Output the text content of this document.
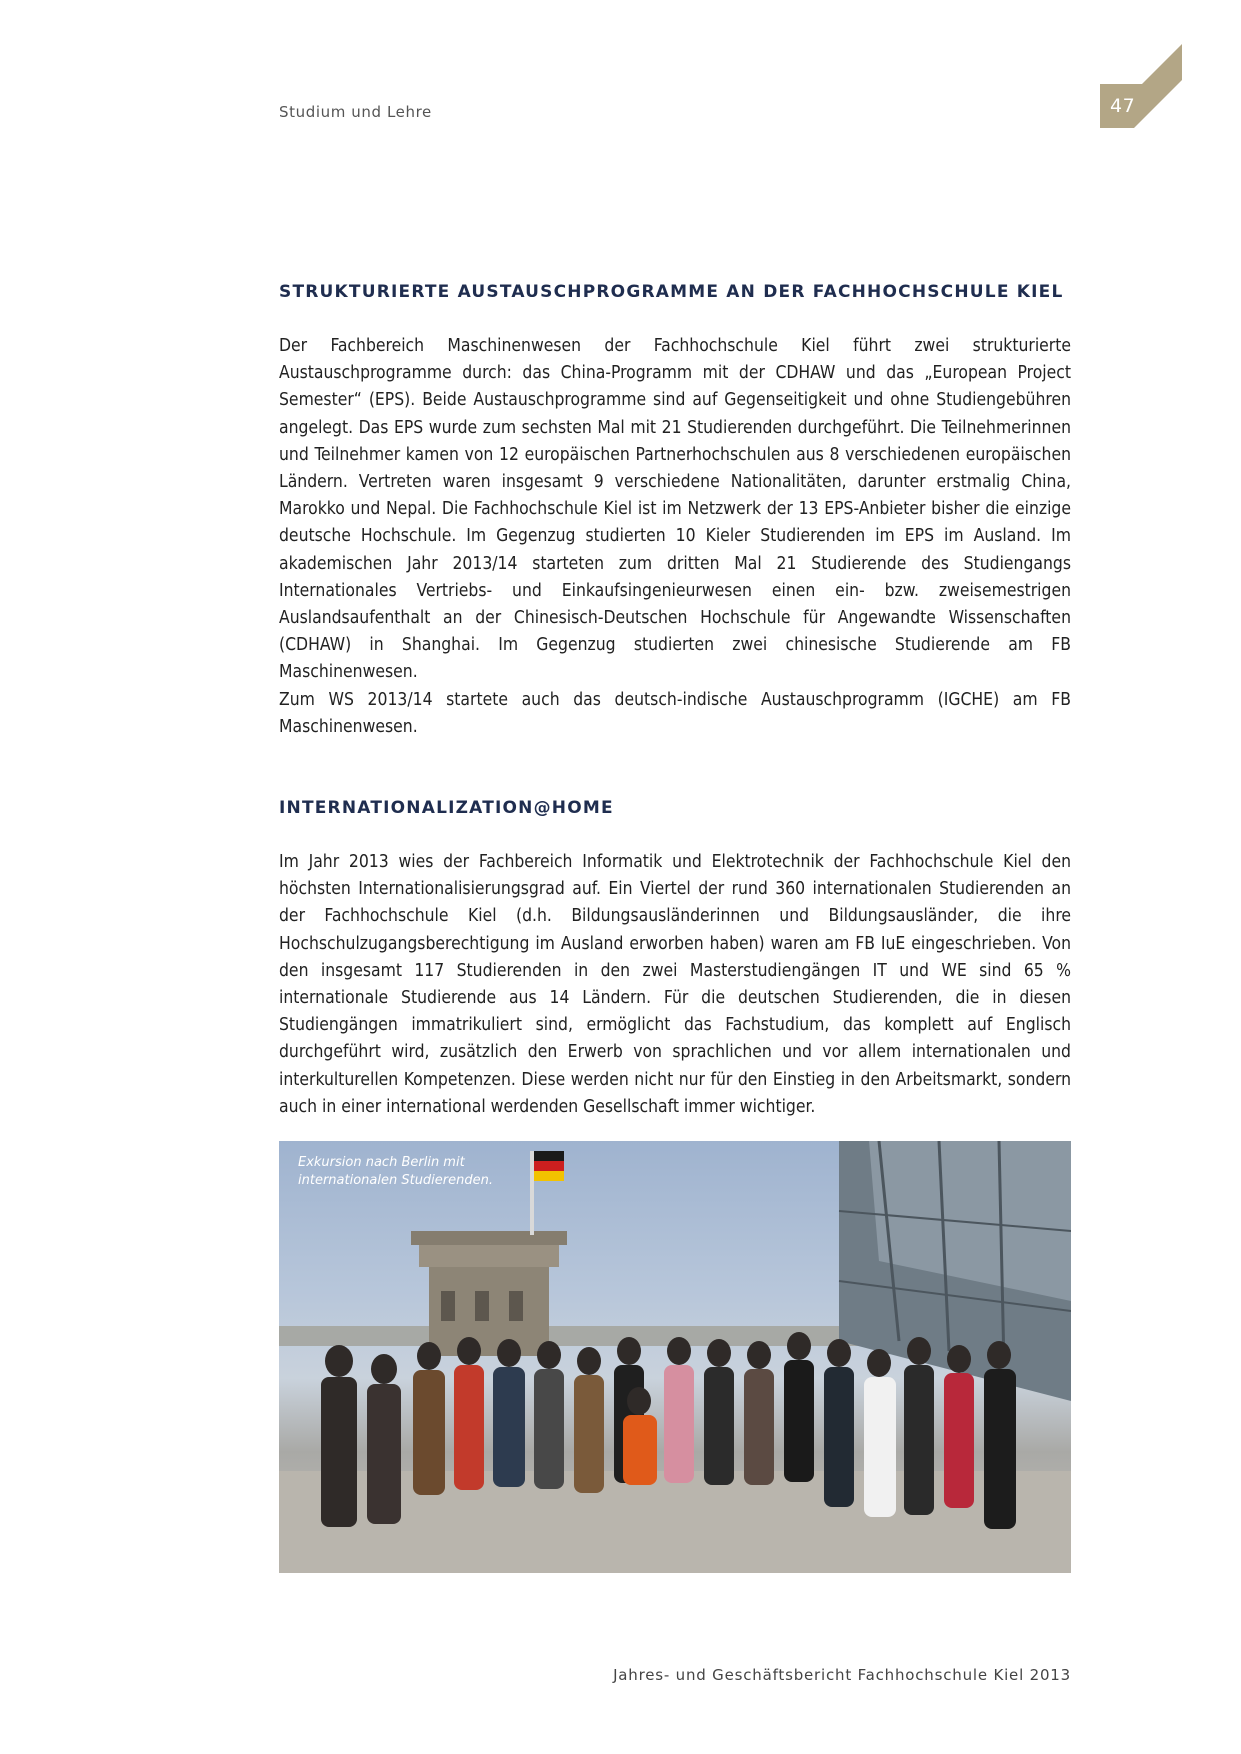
Studium und Lehre	47
STRUKTURIERTE AUSTAUSCHPROGRAMME AN DER FACHHOCHSCHULE KIEL

Der Fachbereich Maschinenwesen der Fachhochschule Kiel führt zwei strukturierte Austauschprogramme durch: das China-Programm mit der CDHAW und das „European Project Semester“ (EPS). Beide Austauschprogramme sind auf Gegenseitigkeit und ohne Studiengebühren angelegt. Das EPS wurde zum sechsten Mal mit 21 Studierenden durchgeführt. Die Teilnehmerinnen und Teilnehmer kamen von 12 europäischen Partnerhochschulen aus 8 verschiedenen europäischen Ländern. Vertreten waren insgesamt 9 verschiedene Nationalitäten, darunter erstmalig China, Marokko und Nepal. Die Fachhochschule Kiel ist im Netzwerk der 13 EPS-Anbieter bisher die einzige deutsche Hochschule. Im Gegenzug studierten 10 Kieler Studierenden im EPS im Ausland. Im akademischen Jahr 2013/14 starteten zum dritten Mal 21 Studierende des Studiengangs Internationales Vertriebs- und Einkaufsingenieurwesen einen ein- bzw. zweisemestrigen Auslandsaufenthalt an der Chinesisch-Deutschen Hochschule für Angewandte Wissenschaften (CDHAW) in Shanghai. Im Gegenzug studierten zwei chinesische Studierende am FB Maschinenwesen.

Zum WS 2013/14 startete auch das deutsch-indische Austauschprogramm (IGCHE) am FB Maschinenwesen.

INTERNATIONALIZATION@HOME

Im Jahr 2013 wies der Fachbereich Informatik und Elektrotechnik der Fachhochschule Kiel den höchsten Internationalisierungsgrad auf. Ein Viertel der rund 360 internationalen Studierenden an der Fachhochschule Kiel (d.h. Bildungsausländerinnen und Bildungsausländer, die ihre Hochschulzugangsberechtigung im Ausland erworben haben) waren am FB IuE eingeschrieben. Von den insgesamt 117 Studierenden in den zwei Masterstudiengängen IT und WE sind 65 % internationale Studierende aus 14 Ländern. Für die deutschen Studierenden, die in diesen Studiengängen immatrikuliert sind, ermöglicht das Fachstudium, das komplett auf Englisch durchgeführt wird, zusätzlich den Erwerb von sprachlichen und vor allem internationalen und interkulturellen Kompetenzen. Diese werden nicht nur für den Einstieg in den Arbeitsmarkt, sondern auch in einer international werdenden Gesellschaft immer wichtiger.

Exkursion nach Berlin mit internationalen Studierenden.
Jahres- und Geschäftsbericht Fachhochschule Kiel 2013
